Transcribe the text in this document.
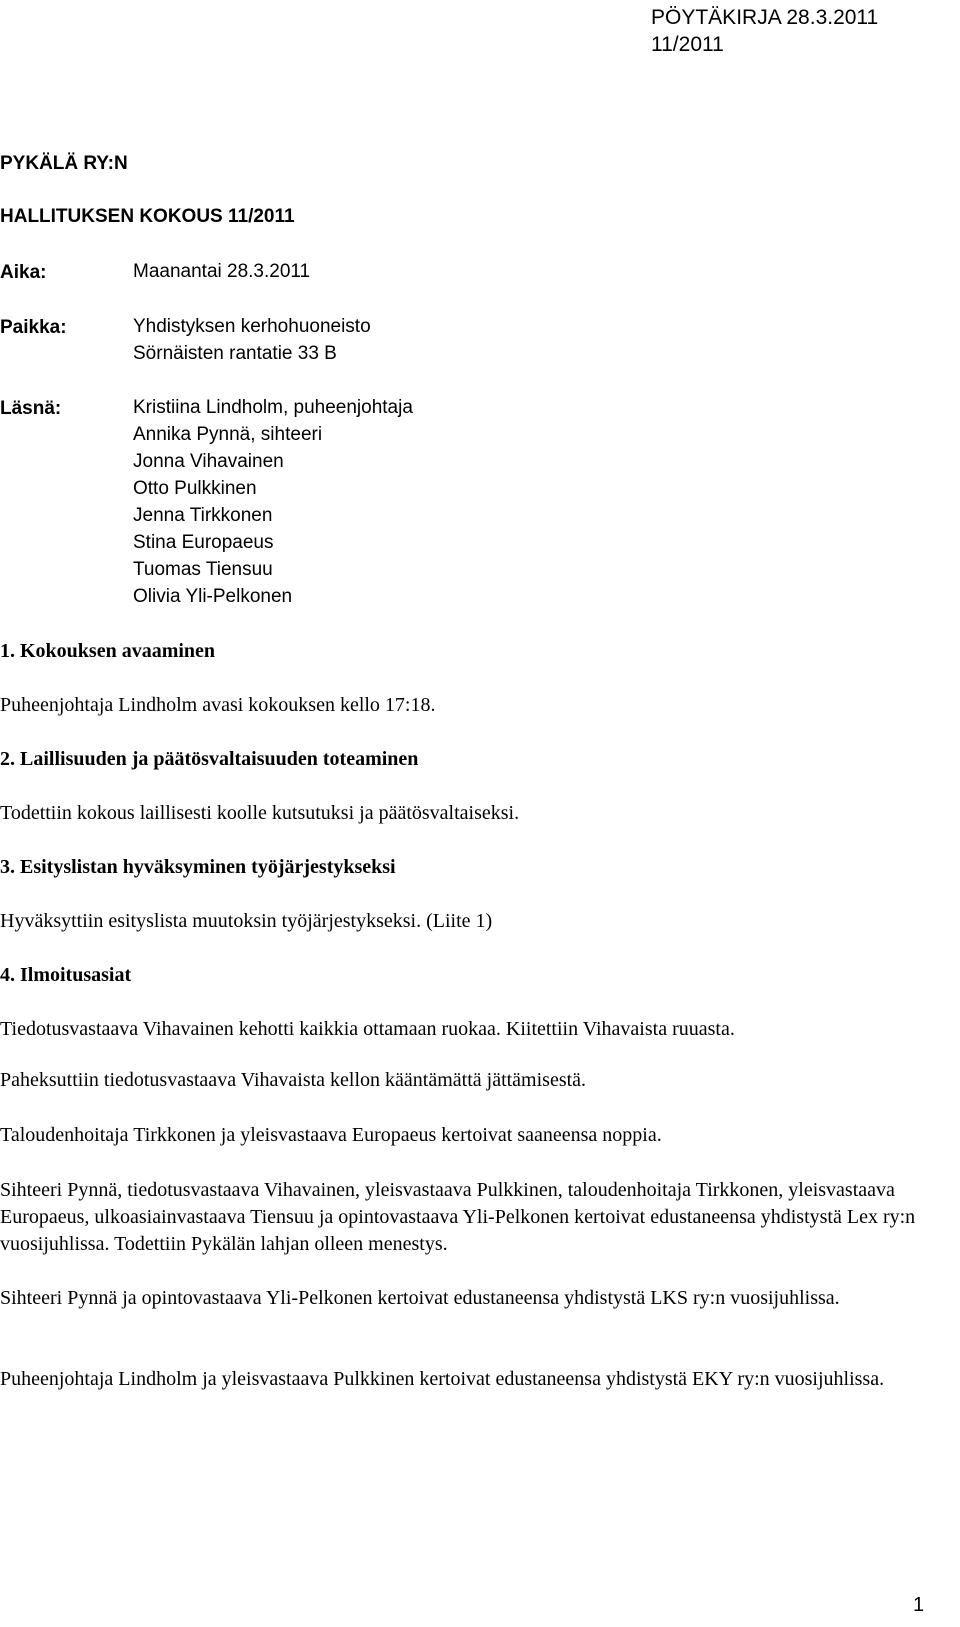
PÖYTÄKIRJA 28.3.2011
11/2011
PYKÄLÄ RY:N
HALLITUKSEN KOKOUS 11/2011
Aika:	Maanantai 28.3.2011
Paikka:	Yhdistyksen kerhohuoneisto
Sörnäisten rantatie 33 B
Läsnä:	Kristiina Lindholm, puheenjohtaja
Annika Pynnä, sihteeri
Jonna Vihavainen
Otto Pulkkinen
Jenna Tirkkonen
Stina Europaeus
Tuomas Tiensuu
Olivia Yli-Pelkonen
1. Kokouksen avaaminen
Puheenjohtaja Lindholm avasi kokouksen kello 17:18.
2. Laillisuuden ja päätösvaltaisuuden toteaminen
Todettiin kokous laillisesti koolle kutsutuksi ja päätösvaltaiseksi.
3. Esityslistan hyväksyminen työjärjestykseksi
Hyväksyttiin esityslista muutoksin työjärjestykseksi. (Liite 1)
4. Ilmoitusasiat
Tiedotusvastaava Vihavainen kehotti kaikkia ottamaan ruokaa. Kiitettiin Vihavaista ruuasta.
Paheksuttiin tiedotusvastaava Vihavaista kellon kääntämättä jättämisestä.
Taloudenhoitaja Tirkkonen ja yleisvastaava Europaeus kertoivat saaneensa noppia.
Sihteeri Pynnä, tiedotusvastaava Vihavainen, yleisvastaava Pulkkinen, taloudenhoitaja Tirkkonen, yleisvastaava Europaeus, ulkoasiainvastaava Tiensuu ja opintovastaava Yli-Pelkonen kertoivat edustaneensa yhdistystä Lex ry:n vuosijuhlissa. Todettiin Pykälän lahjan olleen menestys.
Sihteeri Pynnä ja opintovastaava Yli-Pelkonen kertoivat edustaneensa yhdistystä LKS ry:n vuosijuhlissa.
Puheenjohtaja Lindholm ja yleisvastaava Pulkkinen kertoivat edustaneensa yhdistystä EKY ry:n vuosijuhlissa.
1
